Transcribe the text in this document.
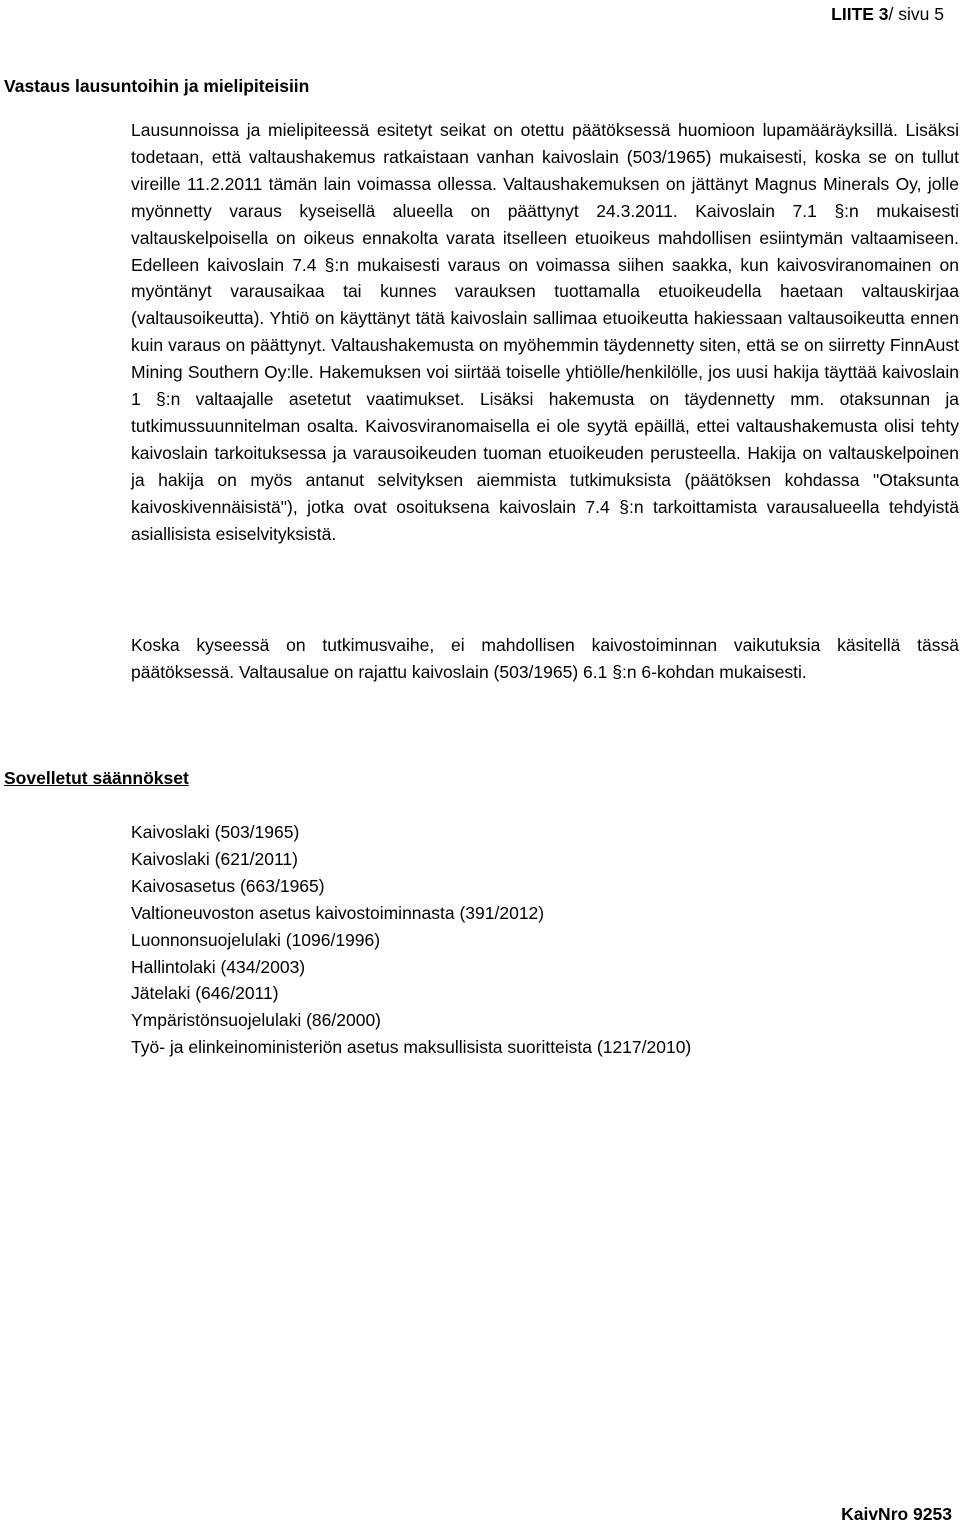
LIITE 3/ sivu 5
Vastaus lausuntoihin ja mielipiteisiin
Lausunnoissa ja mielipiteessä esitetyt seikat on otettu päätöksessä huomioon lupamääräyksillä. Lisäksi todetaan, että valtaushakemus ratkaistaan vanhan kaivoslain (503/1965) mukaisesti, koska se on tullut vireille 11.2.2011 tämän lain voimassa ollessa. Valtaushakemuksen on jättänyt Magnus Minerals Oy, jolle myönnetty varaus kyseisellä alueella on päättynyt 24.3.2011. Kaivoslain 7.1 §:n mukaisesti valtauskelpoisella on oikeus ennakolta varata itselleen etuoikeus mahdollisen esiintymän valtaamiseen. Edelleen kaivoslain 7.4 §:n mukaisesti varaus on voimassa siihen saakka, kun kaivosviranomainen on myöntänyt varausaikaa tai kunnes varauksen tuottamalla etuoikeudella haetaan valtauskirjaa (valtausoikeutta). Yhtiö on käyttänyt tätä kaivoslain sallimaa etuoikeutta hakiessaan valtausoikeutta ennen kuin varaus on päättynyt. Valtaushakemusta on myöhemmin täydennetty siten, että se on siirretty FinnAust Mining Southern Oy:lle. Hakemuksen voi siirtää toiselle yhtiölle/henkilölle, jos uusi hakija täyttää kaivoslain 1 §:n valtaajalle asetetut vaatimukset. Lisäksi hakemusta on täydennetty mm. otaksunnan ja tutkimussuunnitelman osalta. Kaivosviranomaisella ei ole syytä epäillä, ettei valtaushakemusta olisi tehty kaivoslain tarkoituksessa ja varausoikeuden tuoman etuoikeuden perusteella. Hakija on valtauskelpoinen ja hakija on myös antanut selvityksen aiemmista tutkimuksista (päätöksen kohdassa "Otaksunta kaivoskivennäisistä"), jotka ovat osoituksena kaivoslain 7.4 §:n tarkoittamista varausalueella tehdyistä asiallisista esiselvityksistä.
Koska kyseessä on tutkimusvaihe, ei mahdollisen kaivostoiminnan vaikutuksia käsitellä tässä päätöksessä. Valtausalue on rajattu kaivoslain (503/1965) 6.1 §:n 6-kohdan mukaisesti.
Sovelletut säännökset
Kaivoslaki (503/1965)
Kaivoslaki (621/2011)
Kaivosasetus (663/1965)
Valtioneuvoston asetus kaivostoiminnasta (391/2012)
Luonnonsuojelulaki (1096/1996)
Hallintolaki (434/2003)
Jätelaki (646/2011)
Ympäristönsuojelulaki (86/2000)
Työ- ja elinkeinoministeriön asetus maksullisista suoritteista (1217/2010)
KaivNro 9253
